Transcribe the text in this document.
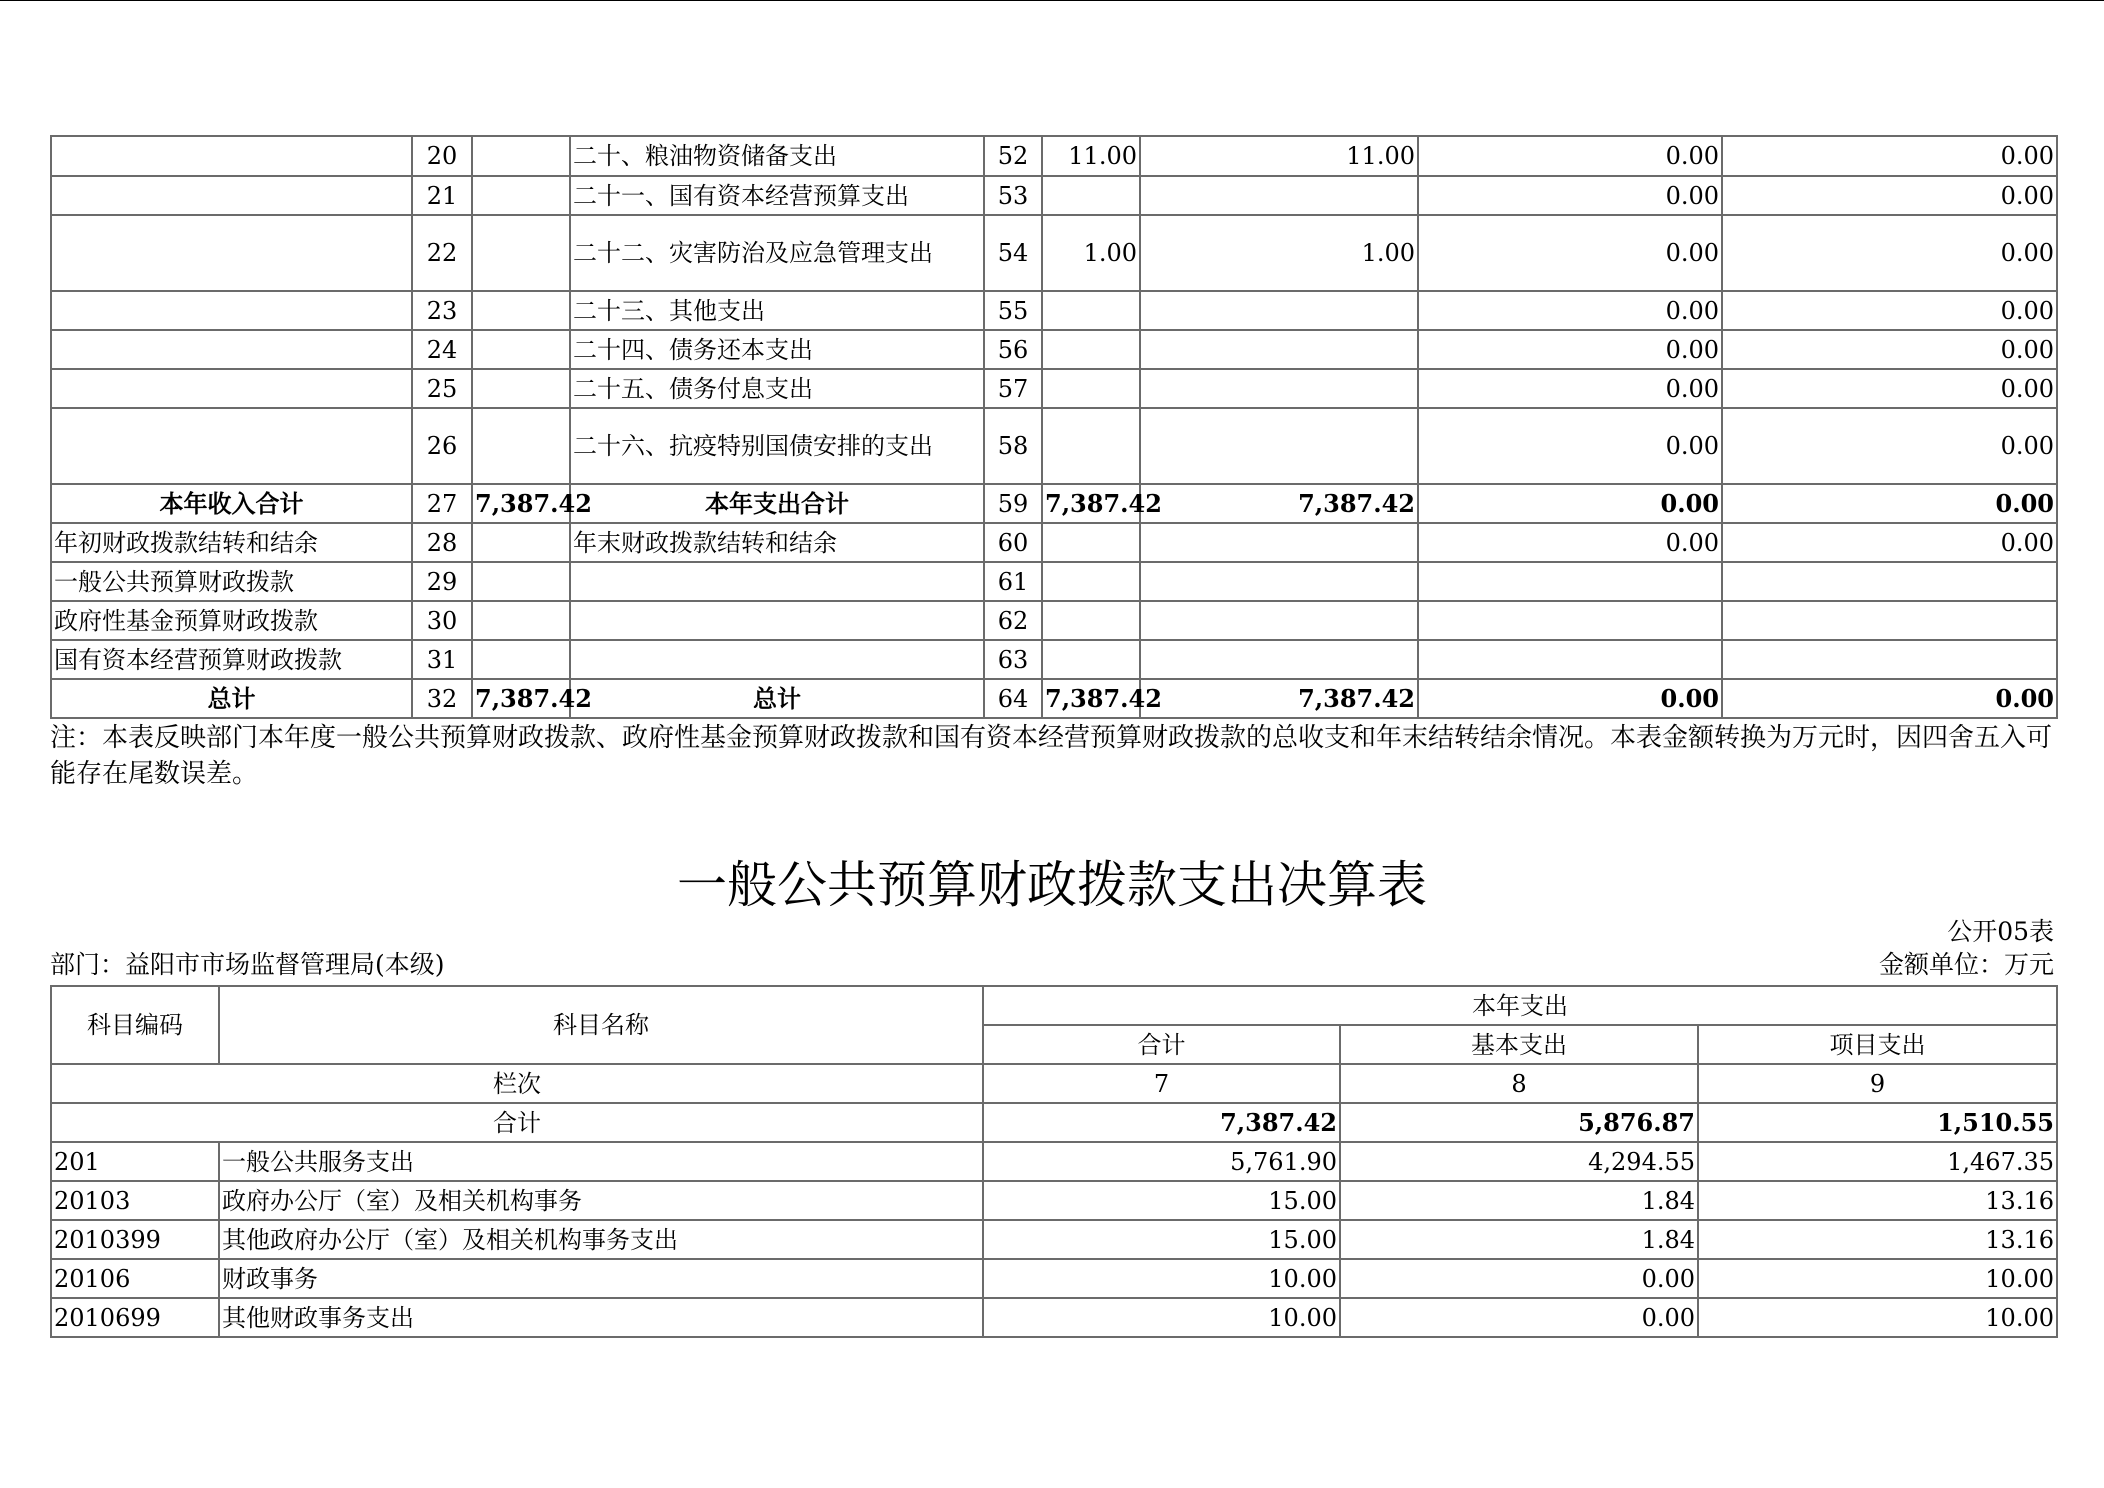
	20		二十、粮油物资储备支出	52	11.00	11.00	0.00	0.00
	21		二十一、国有资本经营预算支出	53			0.00	0.00
	22		二十二、灾害防治及应急管理支出	54	1.00	1.00	0.00	0.00
	23		二十三、其他支出	55			0.00	0.00
	24		二十四、债务还本支出	56			0.00	0.00
	25		二十五、债务付息支出	57			0.00	0.00
	26		二十六、抗疫特别国债安排的支出	58			0.00	0.00
本年收入合计	27	7,387.42	本年支出合计	59	7,387.42	7,387.42	0.00	0.00
年初财政拨款结转和结余	28		年末财政拨款结转和结余	60			0.00	0.00
一般公共预算财政拨款	29			61				
政府性基金预算财政拨款	30			62				
国有资本经营预算财政拨款	31			63				
总计	32	7,387.42	总计	64	7,387.42	7,387.42	0.00	0.00
注：本表反映部门本年度一般公共预算财政拨款、政府性基金预算财政拨款和国有资本经营预算财政拨款的总收支和年末结转结余情况。本表金额转换为万元时，因四舍五入可能存在尾数误差。
一般公共预算财政拨款支出决算表
公开05表
部门：益阳市市场监督管理局(本级)	金额单位：万元
科目编码	科目名称	本年支出		
		合计	基本支出	项目支出
栏次		7	8	9
合计		7,387.42	5,876.87	1,510.55
201	一般公共服务支出	5,761.90	4,294.55	1,467.35
20103	政府办公厅（室）及相关机构事务	15.00	1.84	13.16
2010399	其他政府办公厅（室）及相关机构事务支出	15.00	1.84	13.16
20106	财政事务	10.00	0.00	10.00
2010699	其他财政事务支出	10.00	0.00	10.00
